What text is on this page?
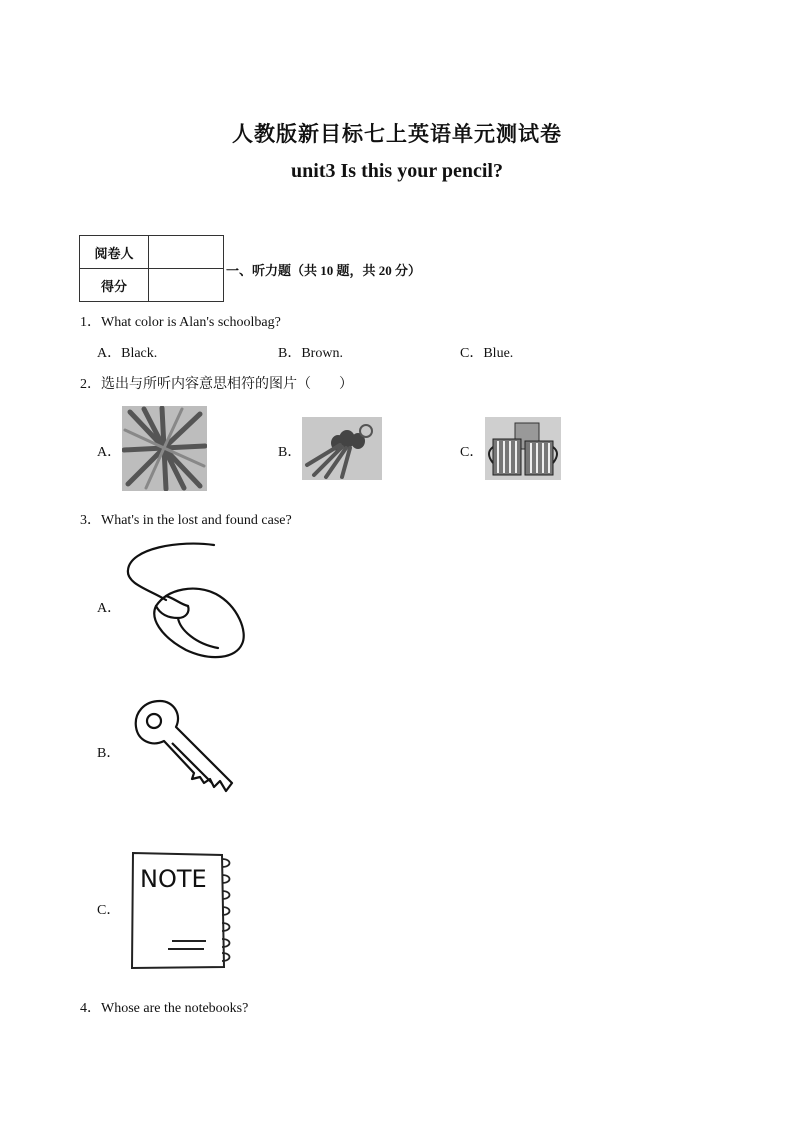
人教版新目标七上英语单元测试卷
unit3 Is this your pencil?
阅卷人	
得分	
一、听力题（共 10 题，共 20 分）
1．What color is Alan's schoolbag?
A．Black.	B．Brown.	C．Blue.
2．选出与所听内容意思相符的图片（　　）
A．	B．	C．
3．What's in the lost and found case?
A．
B．
C．
NOTE
4．Whose are the notebooks?
